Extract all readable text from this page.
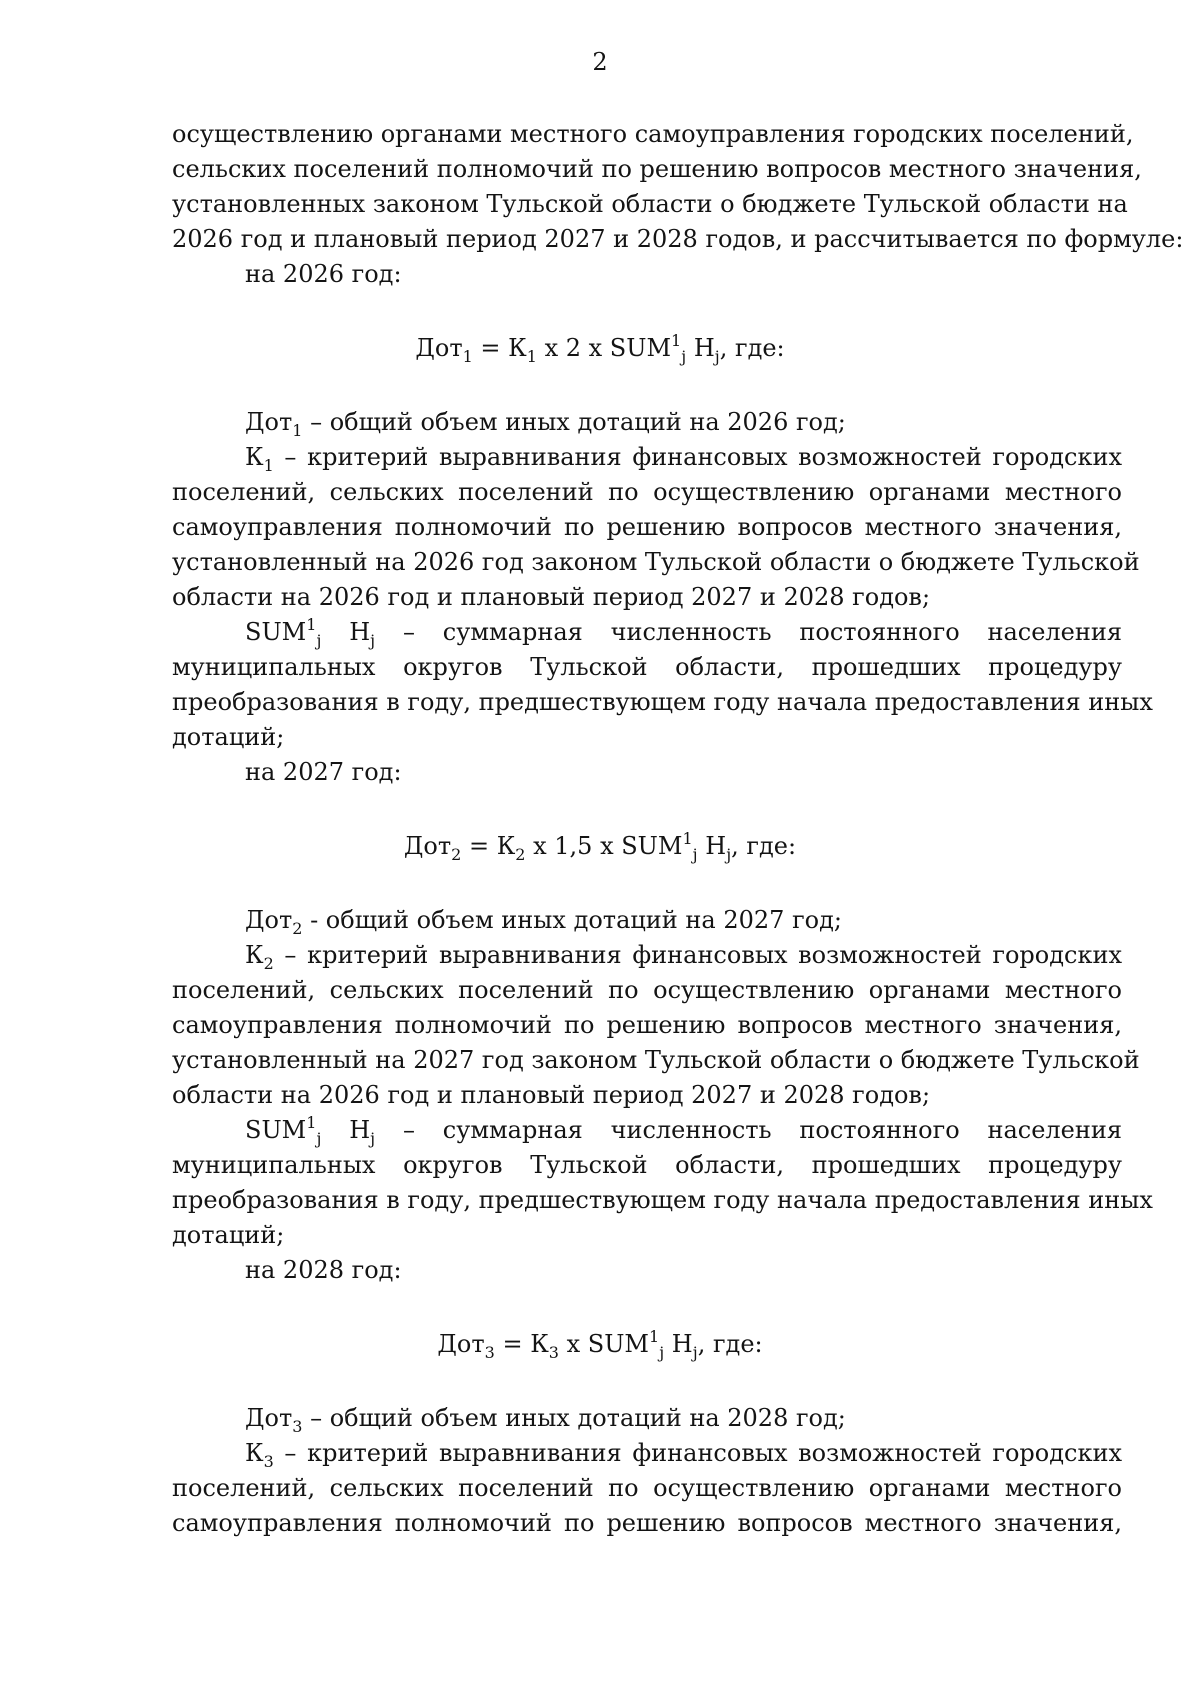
2
осуществлению органами местного самоуправления городских поселений,
сельских поселений полномочий по решению вопросов местного значения,
установленных законом Тульской области о бюджете Тульской области на
2026 год и плановый период 2027 и 2028 годов, и рассчитывается по формуле:
на 2026 год:
$Дот_1 = К_1$ х 2 х $SUM^1_j$ $H_j$, где:
Дот$_1$ – общий объем иных дотаций на 2026 год;
$К_1$ – критерий выравнивания финансовых возможностей городских
поселений, сельских поселений по осуществлению органами местного
самоуправления полномочий по решению вопросов местного значения,
установленный на 2026 год законом Тульской области о бюджете Тульской
области на 2026 год и плановый период 2027 и 2028 годов;
$SUM^1_j$ $H_j$ – суммарная численность постоянного населения
муниципальных округов Тульской области, прошедших процедуру
преобразования в году, предшествующем году начала предоставления иных
дотаций;
на 2027 год:
$Дот_2 = К_2$ х 1,5 х $SUM^1_j$ $H_j$, где:
Дот$_2$ - общий объем иных дотаций на 2027 год;
$К_2$ – критерий выравнивания финансовых возможностей городских
поселений, сельских поселений по осуществлению органами местного
самоуправления полномочий по решению вопросов местного значения,
установленный на 2027 год законом Тульской области о бюджете Тульской
области на 2026 год и плановый период 2027 и 2028 годов;
$SUM^1_j$ $H_j$ – суммарная численность постоянного населения
муниципальных округов Тульской области, прошедших процедуру
преобразования в году, предшествующем году начала предоставления иных
дотаций;
на 2028 год:
$Дот_3 = К_3$ х $SUM^1_j$ $H_j$, где:
Дот$_3$ – общий объем иных дотаций на 2028 год;
$К_3$ – критерий выравнивания финансовых возможностей городских
поселений, сельских поселений по осуществлению органами местного
самоуправления полномочий по решению вопросов местного значения,
